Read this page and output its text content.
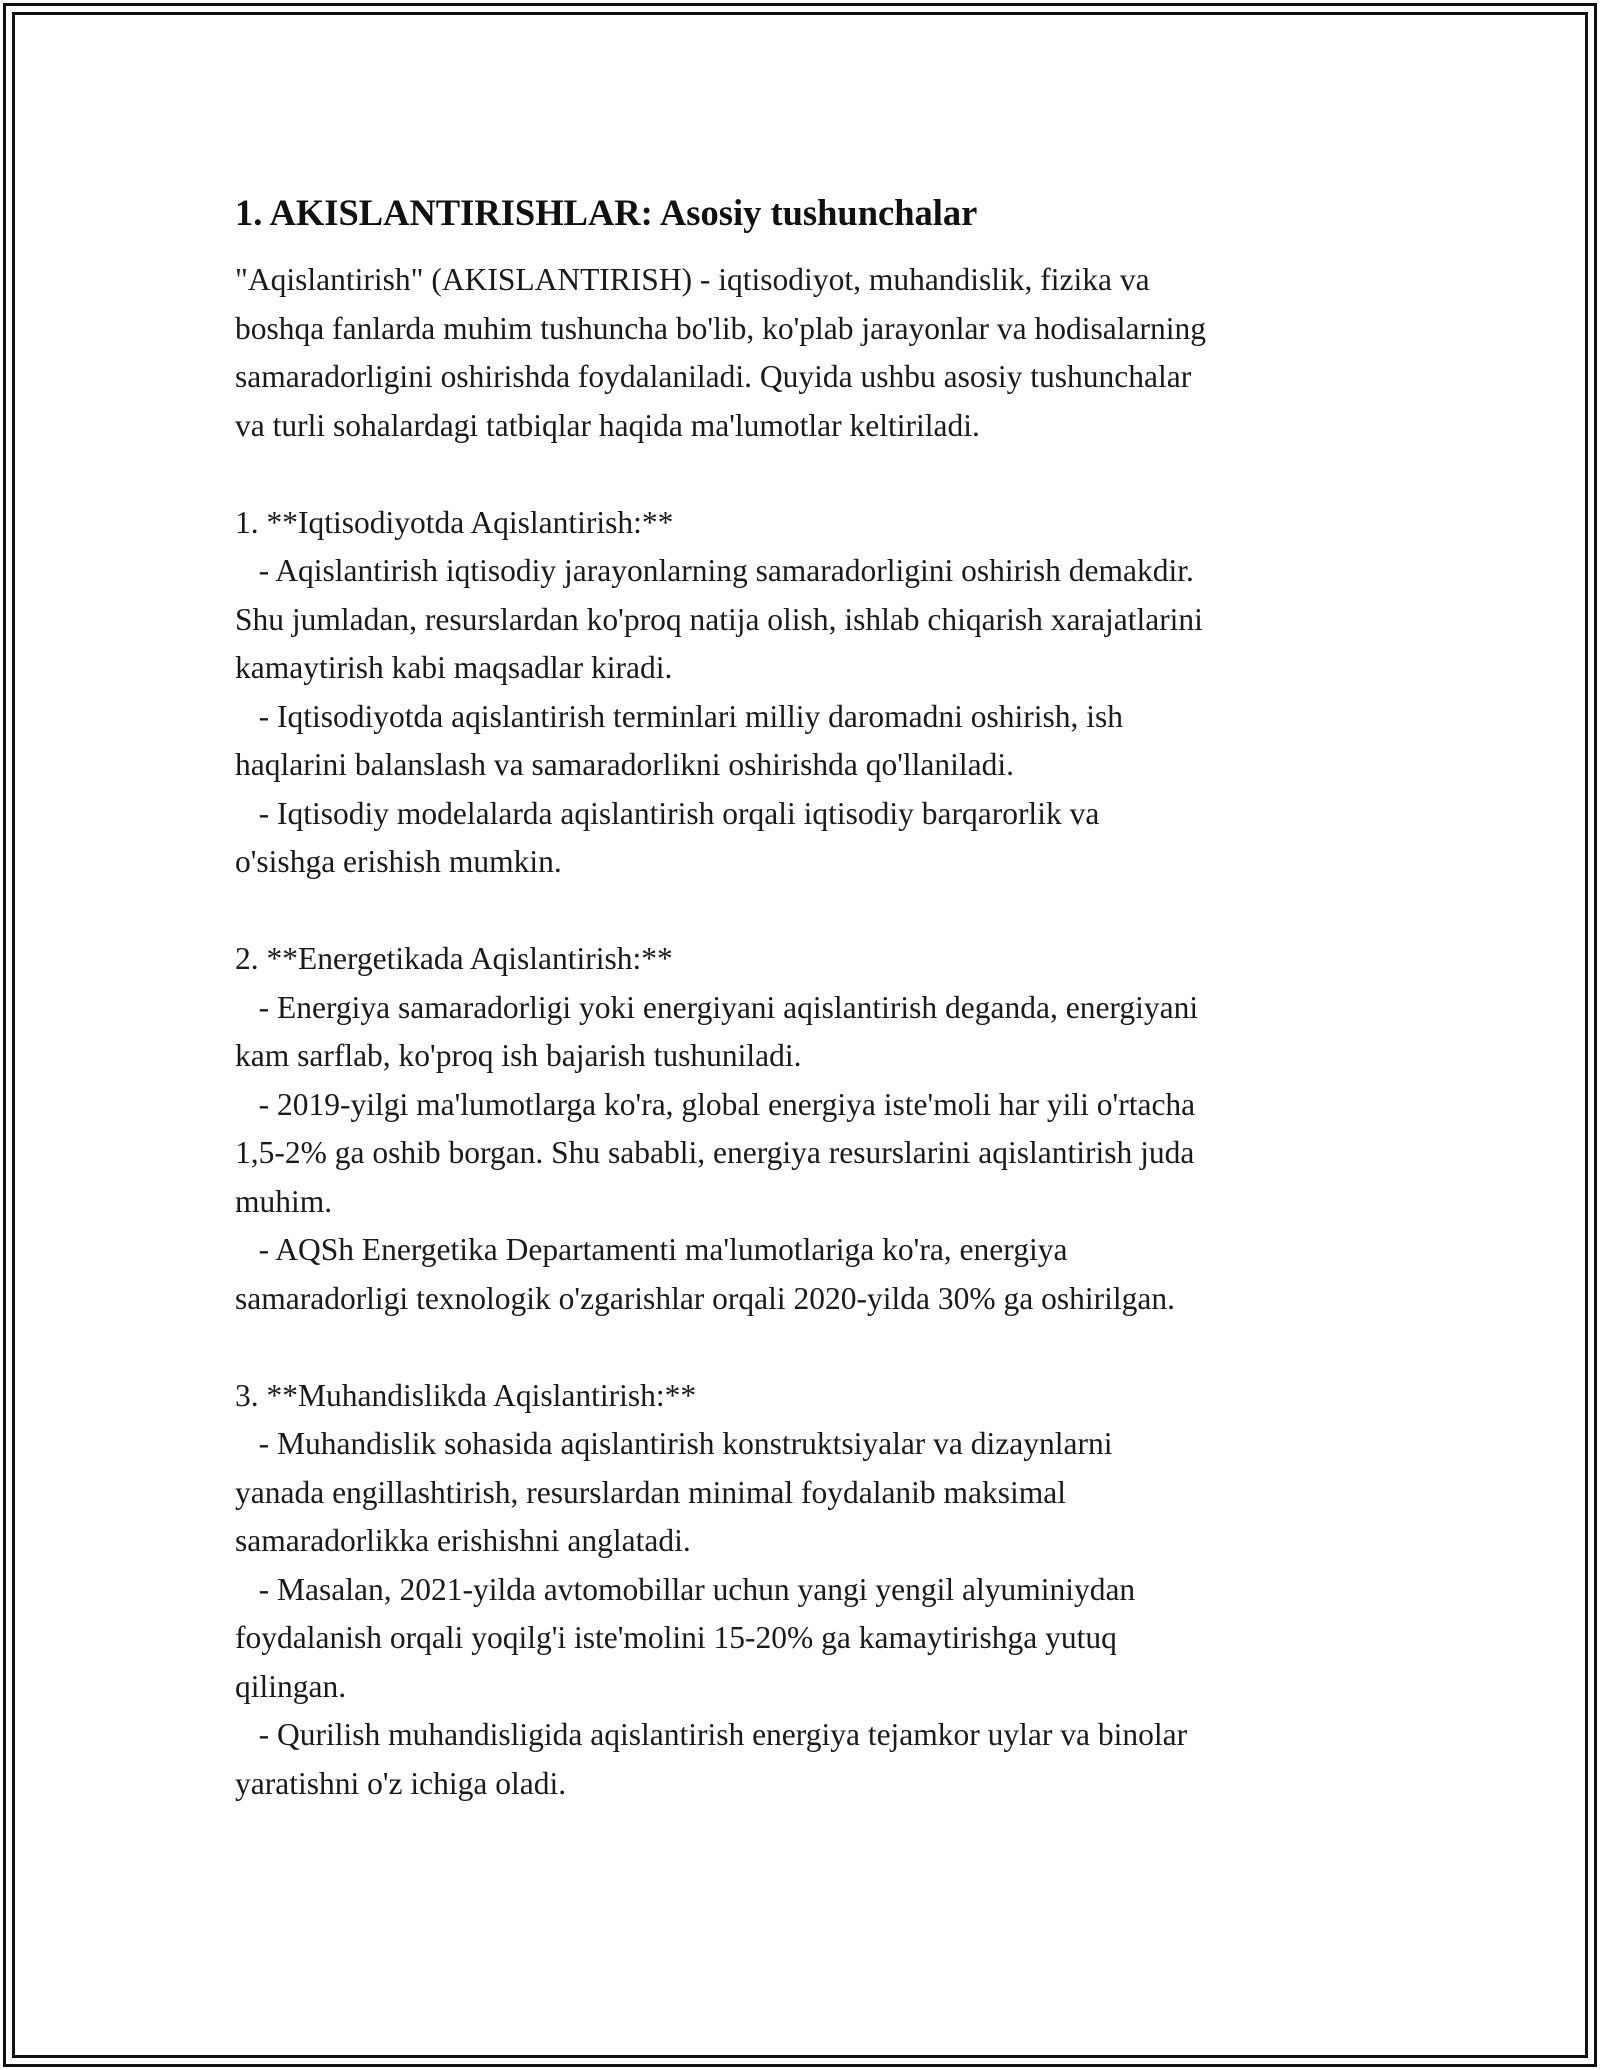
1. AKISLANTIRISHLAR: Asosiy tushunchalar

"Aqislantirish" (AKISLANTIRISH) - iqtisodiyot, muhandislik, fizika va
boshqa fanlarda muhim tushuncha bo'lib, ko'plab jarayonlar va hodisalarning
samaradorligini oshirishda foydalaniladi. Quyida ushbu asosiy tushunchalar
va turli sohalardagi tatbiqlar haqida ma'lumotlar keltiriladi.

1. **Iqtisodiyotda Aqislantirish:**
- Aqislantirish iqtisodiy jarayonlarning samaradorligini oshirish demakdir.
Shu jumladan, resurslardan ko'proq natija olish, ishlab chiqarish xarajatlarini
kamaytirish kabi maqsadlar kiradi.
- Iqtisodiyotda aqislantirish terminlari milliy daromadni oshirish, ish
haqlarini balanslash va samaradorlikni oshirishda qo'llaniladi.
- Iqtisodiy modelalarda aqislantirish orqali iqtisodiy barqarorlik va
o'sishga erishish mumkin.

2. **Energetikada Aqislantirish:**
- Energiya samaradorligi yoki energiyani aqislantirish deganda, energiyani
kam sarflab, ko'proq ish bajarish tushuniladi.
- 2019-yilgi ma'lumotlarga ko'ra, global energiya iste'moli har yili o'rtacha
1,5-2% ga oshib borgan. Shu sababli, energiya resurslarini aqislantirish juda
muhim.
- AQSh Energetika Departamenti ma'lumotlariga ko'ra, energiya
samaradorligi texnologik o'zgarishlar orqali 2020-yilda 30% ga oshirilgan.

3. **Muhandislikda Aqislantirish:**
- Muhandislik sohasida aqislantirish konstruktsiyalar va dizaynlarni
yanada engillashtirish, resurslardan minimal foydalanib maksimal
samaradorlikka erishishni anglatadi.
- Masalan, 2021-yilda avtomobillar uchun yangi yengil alyuminiydan
foydalanish orqali yoqilg'i iste'molini 15-20% ga kamaytirishga yutuq
qilingan.
- Qurilish muhandisligida aqislantirish energiya tejamkor uylar va binolar
yaratishni o'z ichiga oladi.
